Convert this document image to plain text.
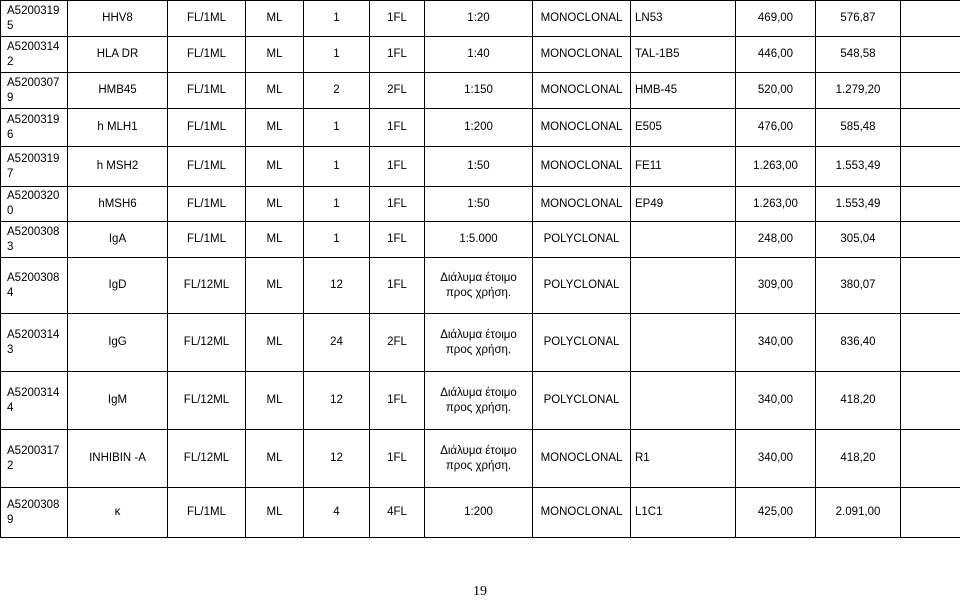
A52003195	HHV8	FL/1ML	ML	1	1FL	1:20	MONOCLONAL	LN53	469,00	576,87	
A52003142	HLA DR	FL/1ML	ML	1	1FL	1:40	MONOCLONAL	TAL-1B5	446,00	548,58	
A52003079	HMB45	FL/1ML	ML	2	2FL	1:150	MONOCLONAL	HMB-45	520,00	1.279,20	
A52003196	h MLH1	FL/1ML	ML	1	1FL	1:200	MONOCLONAL	E505	476,00	585,48	
A52003197	h MSH2	FL/1ML	ML	1	1FL	1:50	MONOCLONAL	FE11	1.263,00	1.553,49	
A52003200	hMSH6	FL/1ML	ML	1	1FL	1:50	MONOCLONAL	EP49	1.263,00	1.553,49	
A52003083	IgA	FL/1ML	ML	1	1FL	1:5.000	POLYCLONAL		248,00	305,04	
A52003084	IgD	FL/12ML	ML	12	1FL	Διάλυμα έτοιμο προς χρήση.	POLYCLONAL		309,00	380,07	
A52003143	IgG	FL/12ML	ML	24	2FL	Διάλυμα έτοιμο προς χρήση.	POLYCLONAL		340,00	836,40	
A52003144	IgM	FL/12ML	ML	12	1FL	Διάλυμα έτοιμο προς χρήση.	POLYCLONAL		340,00	418,20	
A52003172	INHIBIN -A	FL/12ML	ML	12	1FL	Διάλυμα έτοιμο προς χρήση.	MONOCLONAL	R1	340,00	418,20	
A52003089	κ	FL/1ML	ML	4	4FL	1:200	MONOCLONAL	L1C1	425,00	2.091,00	
19
